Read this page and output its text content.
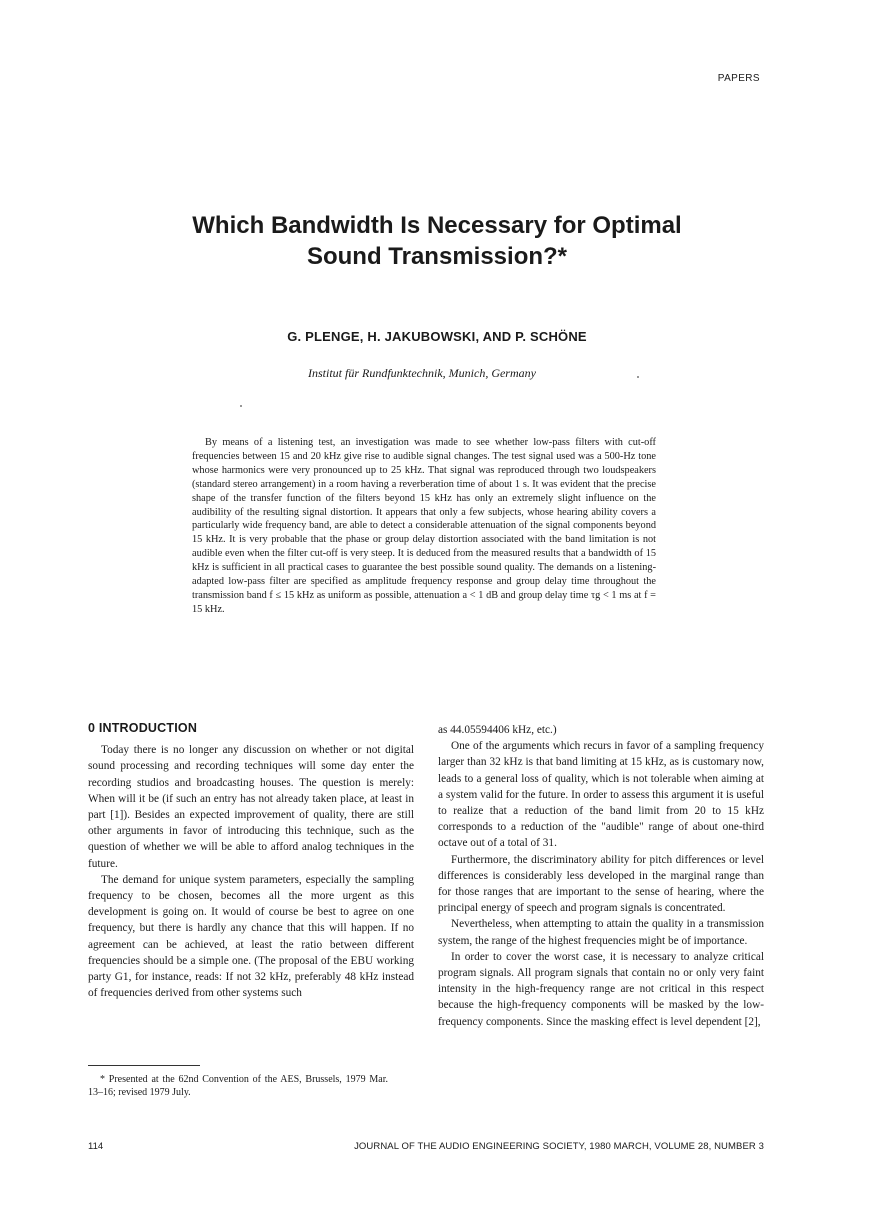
PAPERS
Which Bandwidth Is Necessary for Optimal
Sound Transmission?*
G. PLENGE, H. JAKUBOWSKI, AND P. SCHÖNE
Institut für Rundfunktechnik, Munich, Germany
By means of a listening test, an investigation was made to see whether low-pass filters with cut-off frequencies between 15 and 20 kHz give rise to audible signal changes. The test signal used was a 500-Hz tone whose harmonics were very pronounced up to 25 kHz. That signal was reproduced through two loudspeakers (standard stereo arrangement) in a room having a reverberation time of about 1 s. It was evident that the precise shape of the transfer function of the filters beyond 15 kHz has only an extremely slight influence on the audibility of the resulting signal distortion. It appears that only a few subjects, whose hearing ability covers a particularly wide frequency band, are able to detect a considerable attenuation of the signal components beyond 15 kHz. It is very probable that the phase or group delay distortion associated with the band limitation is not audible even when the filter cut-off is very steep. It is deduced from the measured results that a bandwidth of 15 kHz is sufficient in all practical cases to guarantee the best possible sound quality. The demands on a listening-adapted low-pass filter are specified as amplitude frequency response and group delay time throughout the transmission band f ≤ 15 kHz as uniform as possible, attenuation a < 1 dB and group delay time τg < 1 ms at f = 15 kHz.
0 INTRODUCTION

Today there is no longer any discussion on whether or not digital sound processing and recording techniques will some day enter the recording studios and broadcasting houses. The question is merely: When will it be (if such an entry has not already taken place, at least in part [1]). Besides an expected improvement of quality, there are still other arguments in favor of introducing this technique, such as the question of whether we will be able to afford analog techniques in the future.

The demand for unique system parameters, especially the sampling frequency to be chosen, becomes all the more urgent as this development is going on. It would of course be best to agree on one frequency, but there is hardly any chance that this will happen. If no agreement can be achieved, at least the ratio between different frequencies should be a simple one. (The proposal of the EBU working party G1, for instance, reads: If not 32 kHz, preferably 48 kHz instead of frequencies derived from other systems such

as 44.05594406 kHz, etc.)

One of the arguments which recurs in favor of a sampling frequency larger than 32 kHz is that band limiting at 15 kHz, as is customary now, leads to a general loss of quality, which is not tolerable when aiming at a system valid for the future. In order to assess this argument it is useful to realize that a reduction of the band limit from 20 to 15 kHz corresponds to a reduction of the "audible" range of about one-third octave out of a total of 31.

Furthermore, the discriminatory ability for pitch differences or level differences is considerably less developed in the marginal range than for those ranges that are important to the sense of hearing, where the principal energy of speech and program signals is concentrated.

Nevertheless, when attempting to attain the quality in a transmission system, the range of the highest frequencies might be of importance.

In order to cover the worst case, it is necessary to analyze critical program signals. All program signals that contain no or only very faint intensity in the high-frequency range are not critical in this respect because the high-frequency components will be masked by the low-frequency components. Since the masking effect is level dependent [2],

* Presented at the 62nd Convention of the AES, Brussels, 1979 Mar. 13–16; revised 1979 July.
114	JOURNAL OF THE AUDIO ENGINEERING SOCIETY, 1980 MARCH, VOLUME 28, NUMBER 3
